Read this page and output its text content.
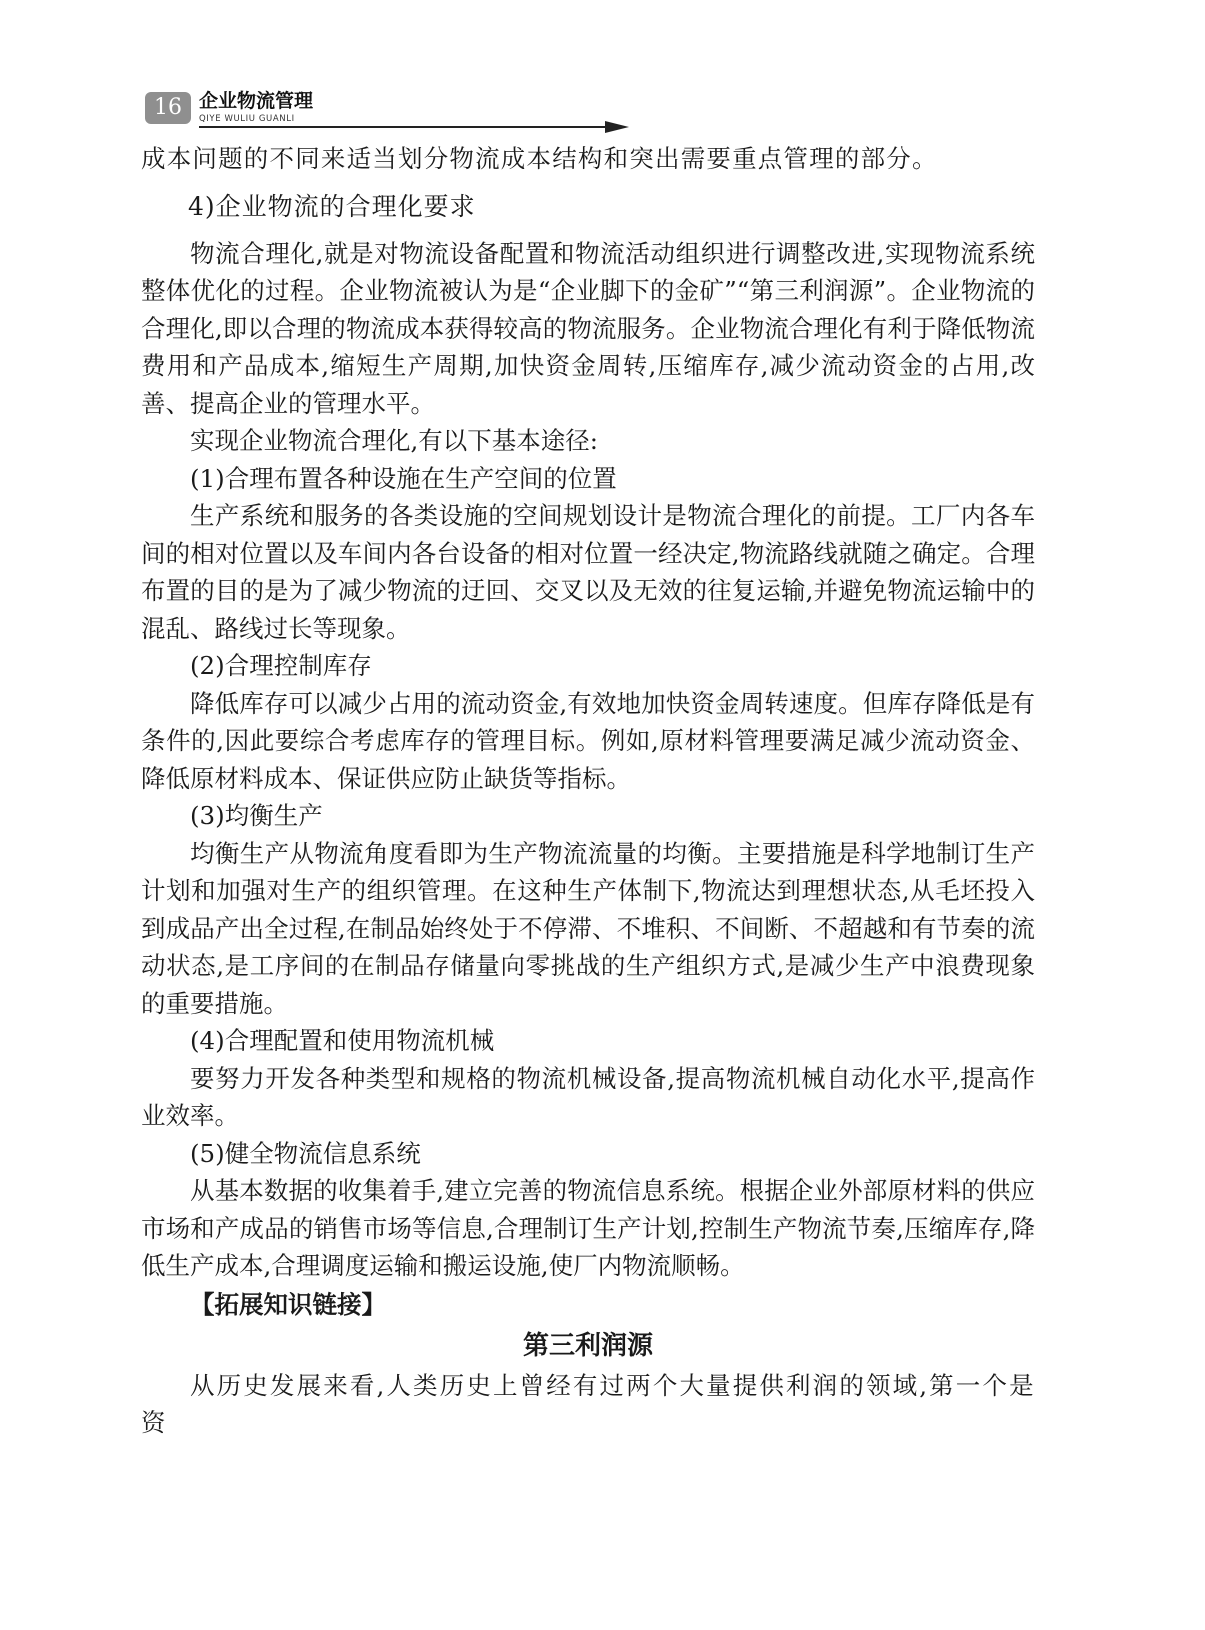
16 企业物流管理
QIYE WULIU GUANLI

成本问题的不同来适当划分物流成本结构和突出需要重点管理的部分。

4)企业物流的合理化要求

物流合理化,就是对物流设备配置和物流活动组织进行调整改进,实现物流系统整体优化的过程。企业物流被认为是“企业脚下的金矿”“第三利润源”。企业物流的合理化,即以合理的物流成本获得较高的物流服务。企业物流合理化有利于降低物流费用和产品成本,缩短生产周期,加快资金周转,压缩库存,减少流动资金的占用,改善、提高企业的管理水平。

实现企业物流合理化,有以下基本途径:

(1)合理布置各种设施在生产空间的位置

生产系统和服务的各类设施的空间规划设计是物流合理化的前提。工厂内各车间的相对位置以及车间内各台设备的相对位置一经决定,物流路线就随之确定。合理布置的目的是为了减少物流的迂回、交叉以及无效的往复运输,并避免物流运输中的混乱、路线过长等现象。

(2)合理控制库存

降低库存可以减少占用的流动资金,有效地加快资金周转速度。但库存降低是有条件的,因此要综合考虑库存的管理目标。例如,原材料管理要满足减少流动资金、降低原材料成本、保证供应防止缺货等指标。

(3)均衡生产

均衡生产从物流角度看即为生产物流流量的均衡。主要措施是科学地制订生产计划和加强对生产的组织管理。在这种生产体制下,物流达到理想状态,从毛坯投入到成品产出全过程,在制品始终处于不停滞、不堆积、不间断、不超越和有节奏的流动状态,是工序间的在制品存储量向零挑战的生产组织方式,是减少生产中浪费现象的重要措施。

(4)合理配置和使用物流机械

要努力开发各种类型和规格的物流机械设备,提高物流机械自动化水平,提高作业效率。

(5)健全物流信息系统

从基本数据的收集着手,建立完善的物流信息系统。根据企业外部原材料的供应市场和产成品的销售市场等信息,合理制订生产计划,控制生产物流节奏,压缩库存,降低生产成本,合理调度运输和搬运设施,使厂内物流顺畅。

【拓展知识链接】
第三利润源

从历史发展来看,人类历史上曾经有过两个大量提供利润的领域,第一个是资
